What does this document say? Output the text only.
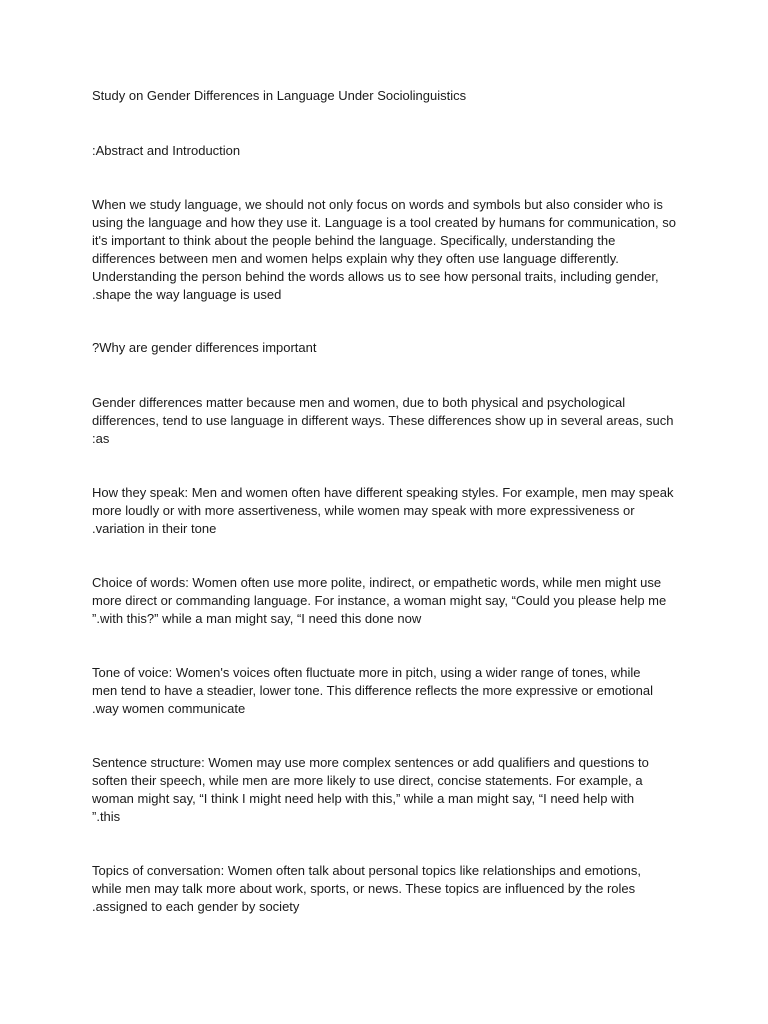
Study on Gender Differences in Language Under Sociolinguistics

:Abstract and Introduction

When we study language, we should not only focus on words and symbols but also consider who is
using the language and how they use it. Language is a tool created by humans for communication, so
it's important to think about the people behind the language. Specifically, understanding the
differences between men and women helps explain why they often use language differently.
Understanding the person behind the words allows us to see how personal traits, including gender,
.shape the way language is used

?Why are gender differences important

Gender differences matter because men and women, due to both physical and psychological
differences, tend to use language in different ways. These differences show up in several areas, such
:as

How they speak: Men and women often have different speaking styles. For example, men may speak
more loudly or with more assertiveness, while women may speak with more expressiveness or
.variation in their tone

Choice of words: Women often use more polite, indirect, or empathetic words, while men might use
more direct or commanding language. For instance, a woman might say, “Could you please help me
”.with this?” while a man might say, “I need this done now

Tone of voice: Women's voices often fluctuate more in pitch, using a wider range of tones, while
men tend to have a steadier, lower tone. This difference reflects the more expressive or emotional
.way women communicate

Sentence structure: Women may use more complex sentences or add qualifiers and questions to
soften their speech, while men are more likely to use direct, concise statements. For example, a
woman might say, “I think I might need help with this,” while a man might say, “I need help with
”.this

Topics of conversation: Women often talk about personal topics like relationships and emotions,
while men may talk more about work, sports, or news. These topics are influenced by the roles
.assigned to each gender by society
